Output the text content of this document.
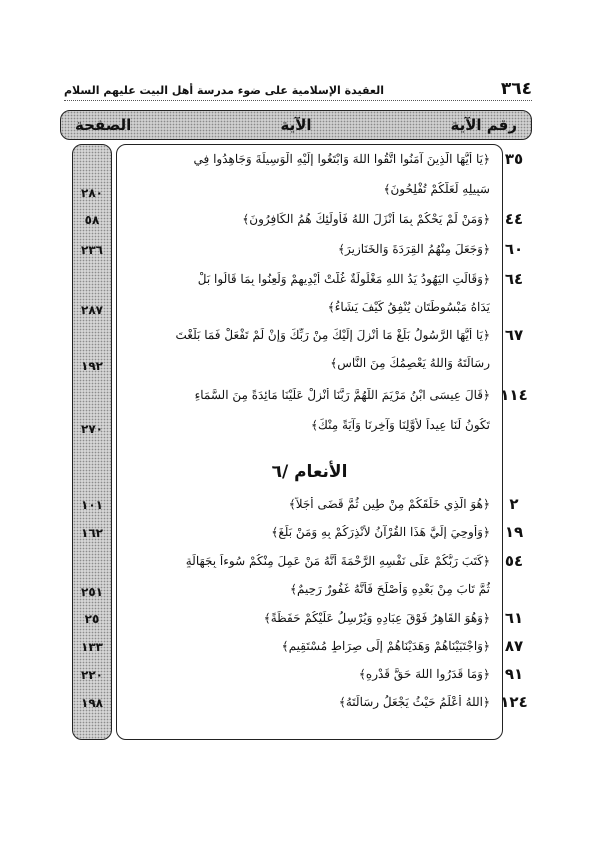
٣٦٤
العقيدة الإسلامية على ضوء مدرسة أهل البيت عليهم السلام
رقم الآية
الآية
الصفحة
٣٥
﴿يَا أَيُّهَا الَّذِينَ آمَنُوا اتَّقُوا اللهَ وَابْتَغُوا إِلَيْهِ الْوَسِيلَةَ وَجَاهِدُوا فِي
سَبِيلِهِ لَعَلَّكُمْ تُفْلِحُونَ﴾
٢٨٠
٤٤
﴿وَمَنْ لَمْ يَحْكُمْ بِمَا أَنْزَلَ اللهُ فَأُولَئِكَ هُمُ الكَافِرُونَ﴾
٥٨
٦٠
﴿وَجَعَلَ مِنْهُمُ القِرَدَةَ وَالخَنَازِيرَ﴾
٢٣٦
٦٤
﴿وَقَالَتِ اليَهُودُ يَدُ اللهِ مَغْلُولَةٌ غُلَّتْ أَيْدِيهِمْ وَلُعِنُوا بِمَا قَالُوا بَلْ
يَدَاهُ مَبْسُوطَتَانِ يُنْفِقُ كَيْفَ يَشَاءُ﴾
٢٨٧
٦٧
﴿يَا أَيُّهَا الرَّسُولُ بَلِّغْ مَا أُنْزِلَ إِلَيْكَ مِنْ رَبِّكَ وَإِنْ لَمْ تَفْعَلْ فَمَا بَلَّغْتَ
رِسَالَتَهُ وَاللهُ يَعْصِمُكَ مِنَ النَّاسِ﴾
١٩٢
١١٤
﴿قَالَ عِيسَى ابْنُ مَرْيَمَ اللَّهُمَّ رَبَّنَا أَنْزِلْ عَلَيْنَا مَائِدَةً مِنَ السَّمَاءِ
تَكُونُ لَنَا عِيداً لأَوَّلِنَا وَآخِرِنَا وَآيَةً مِنْكَ﴾
٢٧٠
الأنعام /٦
٢
﴿هُوَ الَّذِي خَلَقَكُمْ مِنْ طِينٍ ثُمَّ قَضَى أَجَلاً﴾
١٠١
١٩
﴿وَأُوحِيَ إِلَيَّ هَذَا القُرْآنُ لأُنْذِرَكُمْ بِهِ وَمَنْ بَلَغَ﴾
١٦٢
٥٤
﴿كَتَبَ رَبُّكُمْ عَلَى نَفْسِهِ الرَّحْمَةَ أَنَّهُ مَنْ عَمِلَ مِنْكُمْ سُوءاً بِجَهَالَةٍ
ثُمَّ تَابَ مِنْ بَعْدِهِ وَأَصْلَحَ فَأَنَّهُ غَفُورٌ رَحِيمٌ﴾
٢٥١
٦١
﴿وَهُوَ القَاهِرُ فَوْقَ عِبَادِهِ وَيُرْسِلُ عَلَيْكُمْ حَفَظَةً﴾
٢٥
٨٧
﴿وَاجْتَبَيْنَاهُمْ وَهَدَيْنَاهُمْ إِلَى صِرَاطٍ مُسْتَقِيمٍ﴾
١٣٣
٩١
﴿وَمَا قَدَرُوا اللهَ حَقَّ قَدْرِهِ﴾
٢٢٠
١٢٤
﴿اللهُ أَعْلَمُ حَيْثُ يَجْعَلُ رِسَالَتَهُ﴾
١٩٨
